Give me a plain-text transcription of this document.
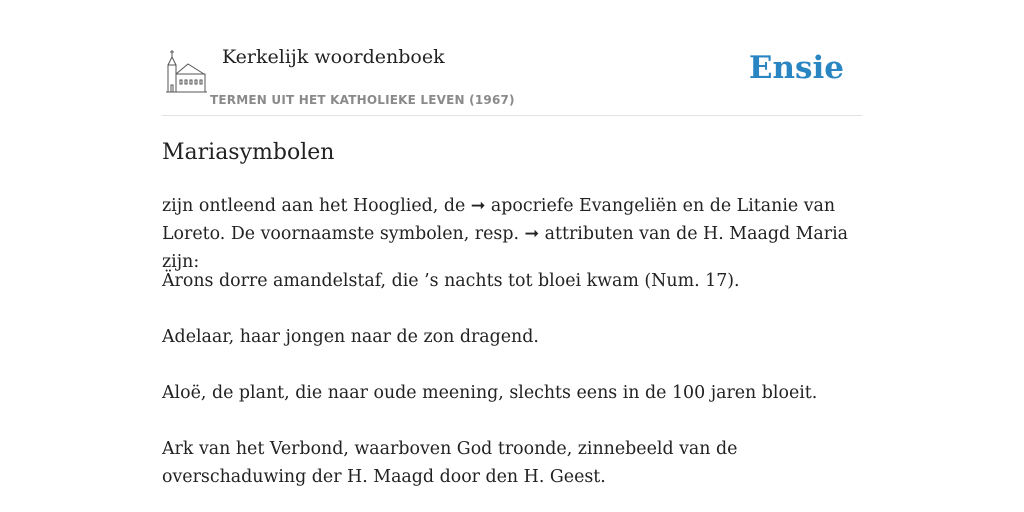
Kerkelijk woordenboek
TERMEN UIT HET KATHOLIEKE LEVEN (1967)
Ensie
Mariasymbolen

zijn ontleend aan het Hooglied, de ➞ apocriefe Evangeliën en de Litanie van Loreto. De voornaamste symbolen, resp. ➞ attributen van de H. Maagd Maria zijn:

Ärons dorre amandelstaf, die ’s nachts tot bloei kwam (Num. 17).

Adelaar, haar jongen naar de zon dragend.

Aloë, de plant, die naar oude meening, slechts eens in de 100 jaren bloeit.

Ark van het Verbond, waarboven God troonde, zinnebeeld van de overschaduwing der H. Maagd door den H. Geest.
